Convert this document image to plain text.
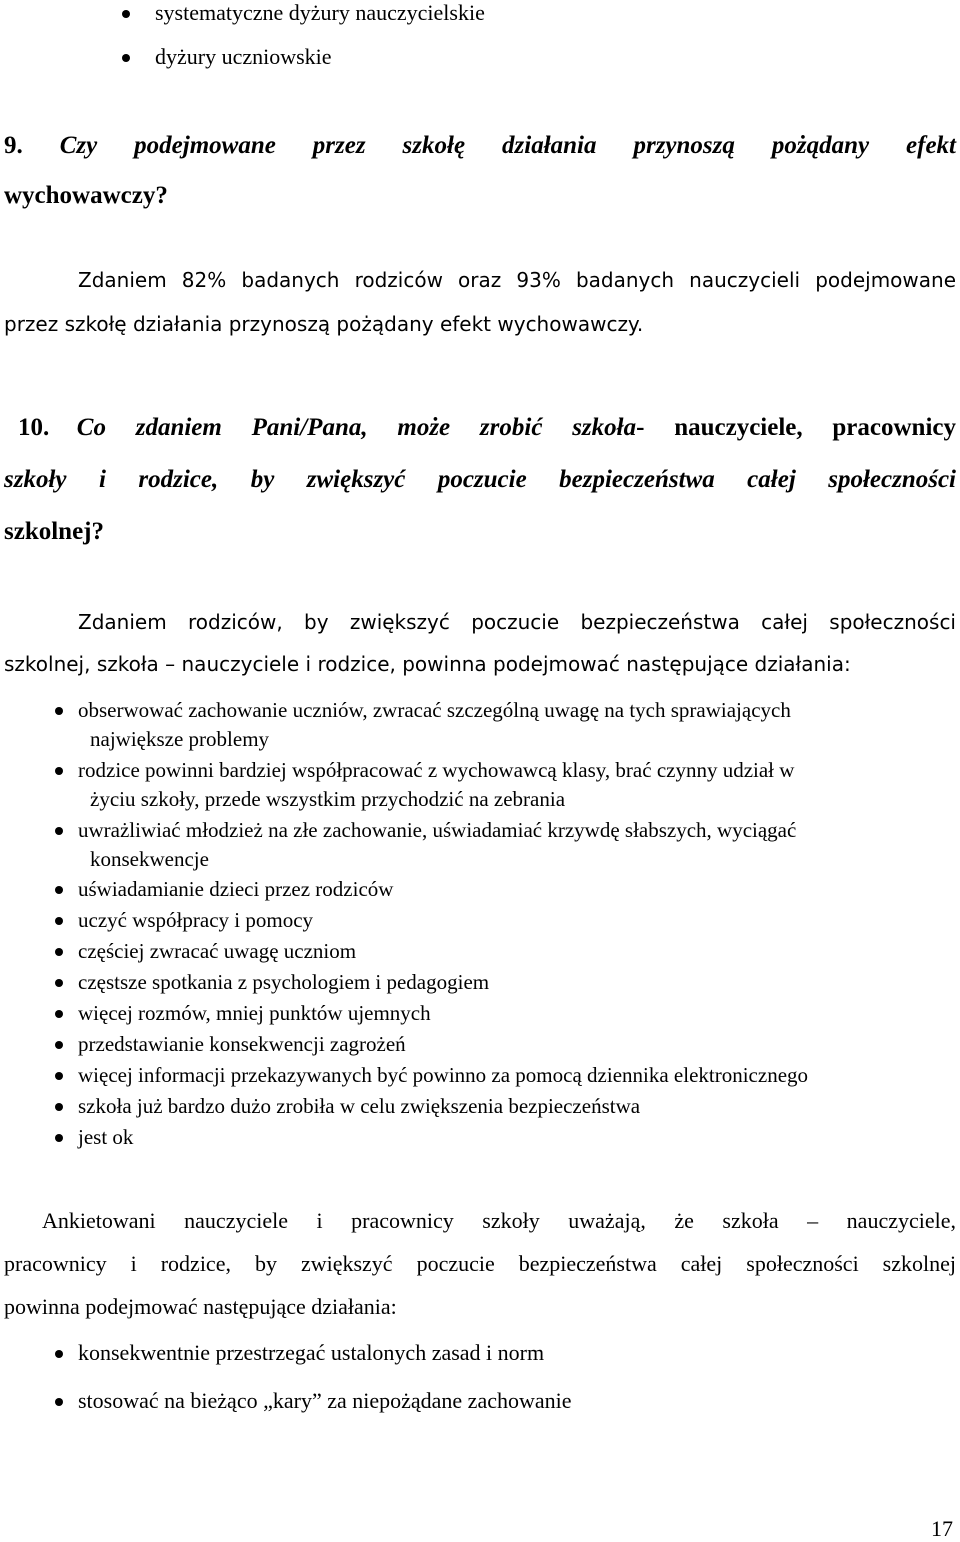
systematyczne dyżury nauczycielskie
dyżury uczniowskie
9. Czy podejmowane przez szkołę działania przynoszą pożądany efekt
wychowawczy?
Zdaniem 82% badanych rodziców oraz 93% badanych nauczycieli podejmowane
przez szkołę działania przynoszą pożądany efekt wychowawczy.
10. Co zdaniem Pani/Pana, może zrobić szkoła- nauczyciele, pracownicy
szkoły i rodzice, by zwiększyć poczucie bezpieczeństwa całej społeczności
szkolnej?
Zdaniem rodziców, by zwiększyć poczucie bezpieczeństwa całej społeczności
szkolnej, szkoła – nauczyciele i rodzice, powinna podejmować następujące działania:
obserwować zachowanie uczniów, zwracać szczególną uwagę na tych sprawiających
największe problemy
rodzice powinni bardziej współpracować z wychowawcą klasy, brać czynny udział w
życiu szkoły, przede wszystkim przychodzić na zebrania
uwrażliwiać młodzież na złe zachowanie, uświadamiać krzywdę słabszych, wyciągać
konsekwencje
uświadamianie dzieci przez rodziców
uczyć współpracy i pomocy
częściej zwracać uwagę uczniom
częstsze spotkania z psychologiem i pedagogiem
więcej rozmów, mniej punktów ujemnych
przedstawianie konsekwencji zagrożeń
więcej informacji przekazywanych być powinno za pomocą dziennika elektronicznego
szkoła już bardzo dużo zrobiła w celu zwiększenia bezpieczeństwa
jest ok
Ankietowani nauczyciele i pracownicy szkoły uważają, że szkoła – nauczyciele,
pracownicy i rodzice, by zwiększyć poczucie bezpieczeństwa całej społeczności szkolnej
powinna podejmować następujące działania:
konsekwentnie przestrzegać ustalonych zasad i norm
stosować na bieżąco „kary” za niepożądane zachowanie
17
